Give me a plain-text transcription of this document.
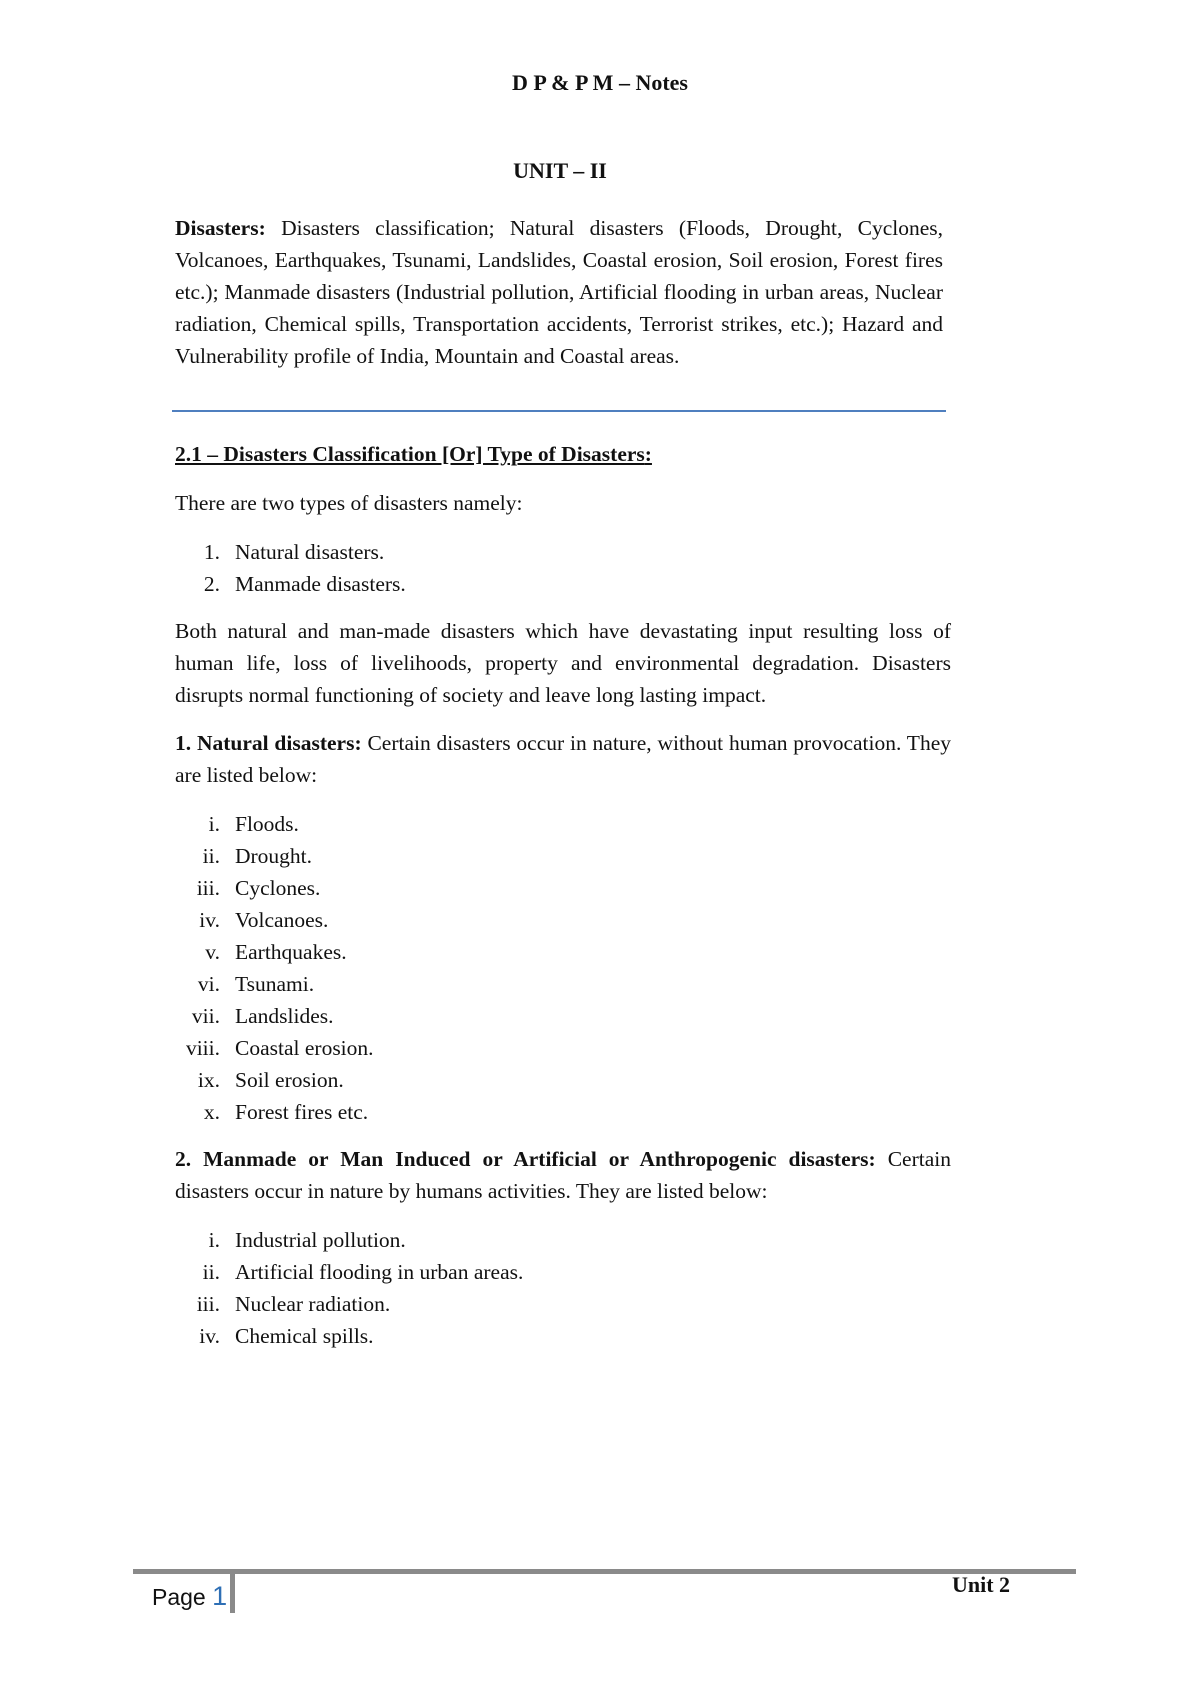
D P & P M – Notes
UNIT – II
Disasters: Disasters classification; Natural disasters (Floods, Drought, Cyclones, Volcanoes, Earthquakes, Tsunami, Landslides, Coastal erosion, Soil erosion, Forest fires etc.); Manmade disasters (Industrial pollution, Artificial flooding in urban areas, Nuclear radiation, Chemical spills, Transportation accidents, Terrorist strikes, etc.); Hazard and Vulnerability profile of India, Mountain and Coastal areas.
2.1 – Disasters Classification [Or] Type of Disasters:
There are two types of disasters namely:
1. Natural disasters.
2. Manmade disasters.
Both natural and man-made disasters which have devastating input resulting loss of human life, loss of livelihoods, property and environmental degradation. Disasters disrupts normal functioning of society and leave long lasting impact.
1. Natural disasters: Certain disasters occur in nature, without human provocation. They are listed below:
i. Floods.
ii. Drought.
iii. Cyclones.
iv. Volcanoes.
v. Earthquakes.
vi. Tsunami.
vii. Landslides.
viii. Coastal erosion.
ix. Soil erosion.
x. Forest fires etc.
2. Manmade or Man Induced or Artificial or Anthropogenic disasters: Certain disasters occur in nature by humans activities. They are listed below:
i. Industrial pollution.
ii. Artificial flooding in urban areas.
iii. Nuclear radiation.
iv. Chemical spills.
Page 1	Unit 2
